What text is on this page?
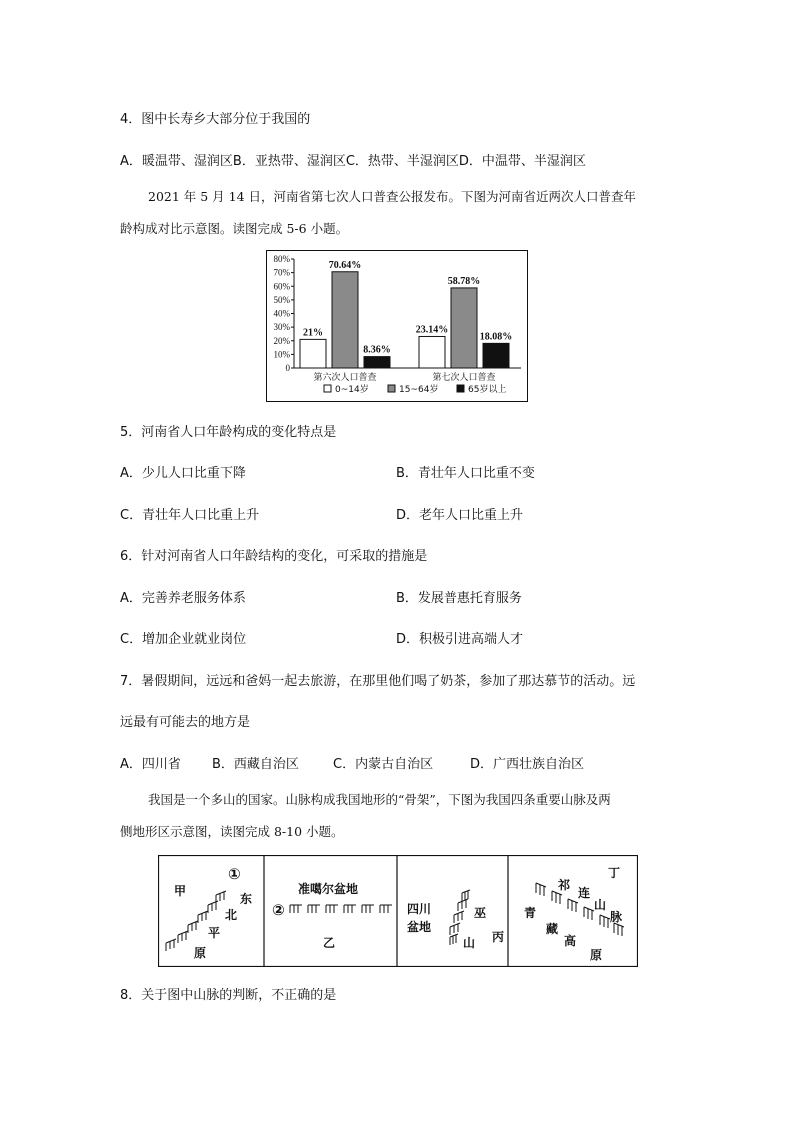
4．图中长寿乡大部分位于我国的
A．暖温带、湿润区B．亚热带、湿润区C．热带、半湿润区D．中温带、半湿润区
2021 年 5 月 14 日，河南省第七次人口普查公报发布。下图为河南省近两次人口普查年
龄构成对比示意图。读图完成 5-6 小题。
0
10%
20%
30%
40%
50%
60%
70%
80%
21%
70.64%
8.36%
第六次人口普查
23.14%
58.78%
18.08%
第七次人口普查
0~14岁	15~64岁	65岁以上
5．河南省人口年龄构成的变化特点是
A．少儿人口比重下降	B．青壮年人口比重不变
C．青壮年人口比重上升	D．老年人口比重上升
6．针对河南省人口年龄结构的变化，可采取的措施是
A．完善养老服务体系	B．发展普惠托育服务
C．增加企业就业岗位	D．积极引进高端人才
7．暑假期间，远远和爸妈一起去旅游，在那里他们喝了奶茶，参加了那达慕节的活动。远
远最有可能去的地方是
A．四川省 B．西藏自治区	C．内蒙古自治区	D．广西壮族自治区
我国是一个多山的国家。山脉构成我国地形的“骨架”，下图为我国四条重要山脉及两
侧地形区示意图，读图完成 8-10 小题。
甲
①
东
北
平
原
准噶尔盆地
②
乙
四川
盆地
巫
山 丙
丁
祁
连
山
脉
青
藏
高
原
8．关于图中山脉的判断，不正确的是
